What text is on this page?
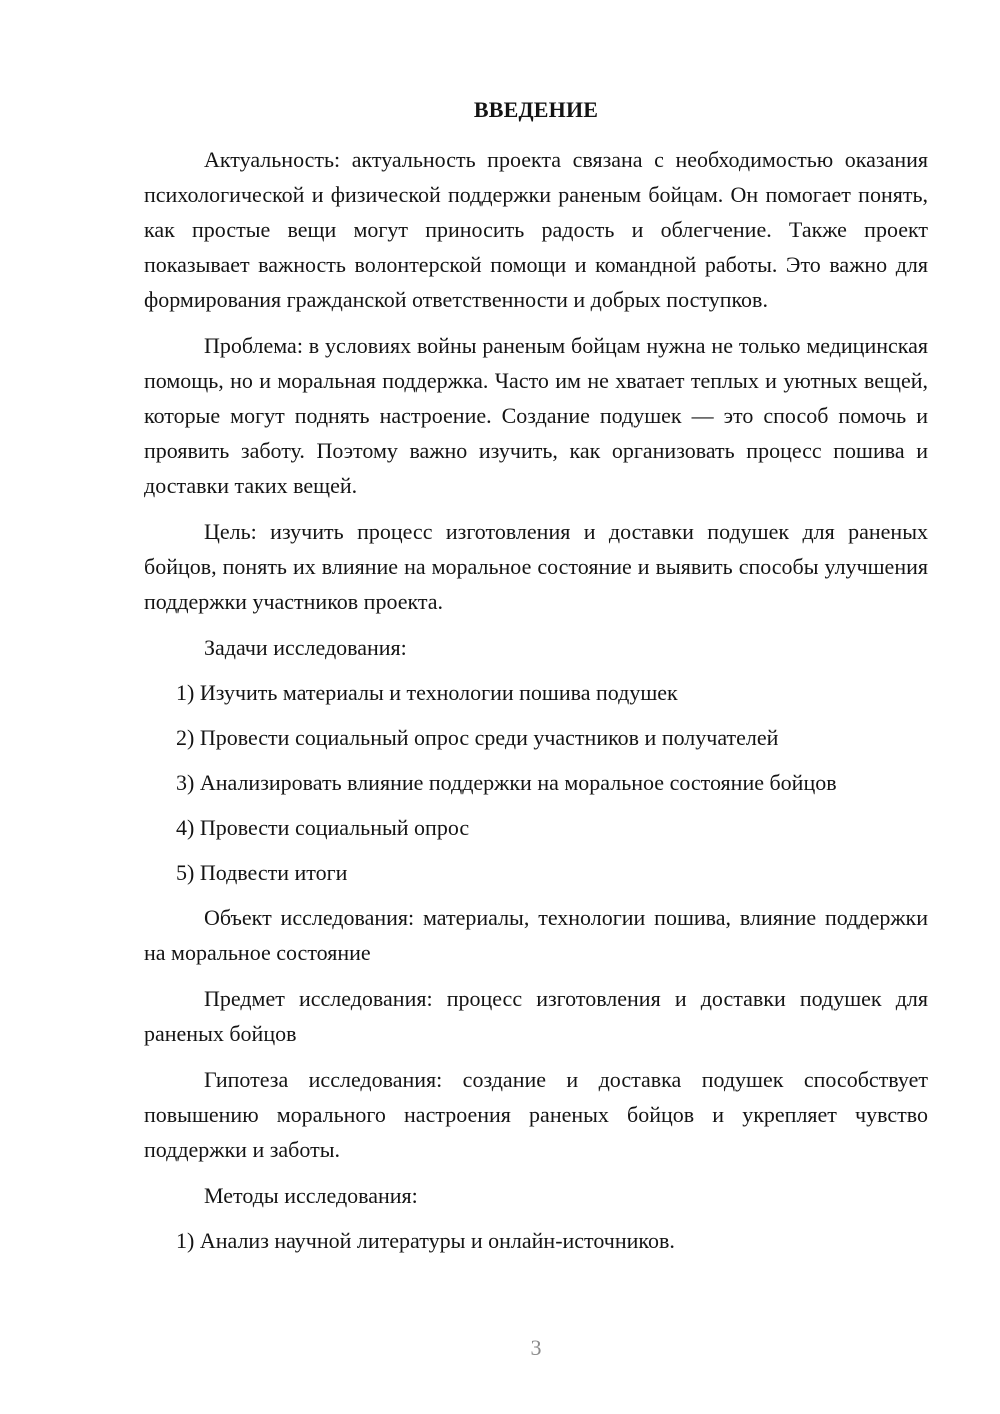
ВВЕДЕНИЕ

Актуальность: актуальность проекта связана с необходимостью оказания психологической и физической поддержки раненым бойцам. Он помогает понять, как простые вещи могут приносить радость и облегчение. Также проект показывает важность волонтерской помощи и командной работы. Это важно для формирования гражданской ответственности и добрых поступков.

Проблема: в условиях войны раненым бойцам нужна не только медицинская помощь, но и моральная поддержка. Часто им не хватает теплых и уютных вещей, которые могут поднять настроение. Создание подушек — это способ помочь и проявить заботу. Поэтому важно изучить, как организовать процесс пошива и доставки таких вещей.

Цель: изучить процесс изготовления и доставки подушек для раненых бойцов, понять их влияние на моральное состояние и выявить способы улучшения поддержки участников проекта.

Задачи исследования:

1) Изучить материалы и технологии пошива подушек

2) Провести социальный опрос среди участников и получателей

3) Анализировать влияние поддержки на моральное состояние бойцов

4) Провести социальный опрос

5) Подвести итоги

Объект исследования: материалы, технологии пошива, влияние поддержки на моральное состояние

Предмет исследования: процесс изготовления и доставки подушек для раненых бойцов

Гипотеза исследования: создание и доставка подушек способствует повышению морального настроения раненых бойцов и укрепляет чувство поддержки и заботы.

Методы исследования:

1) Анализ научной литературы и онлайн-источников.

3
